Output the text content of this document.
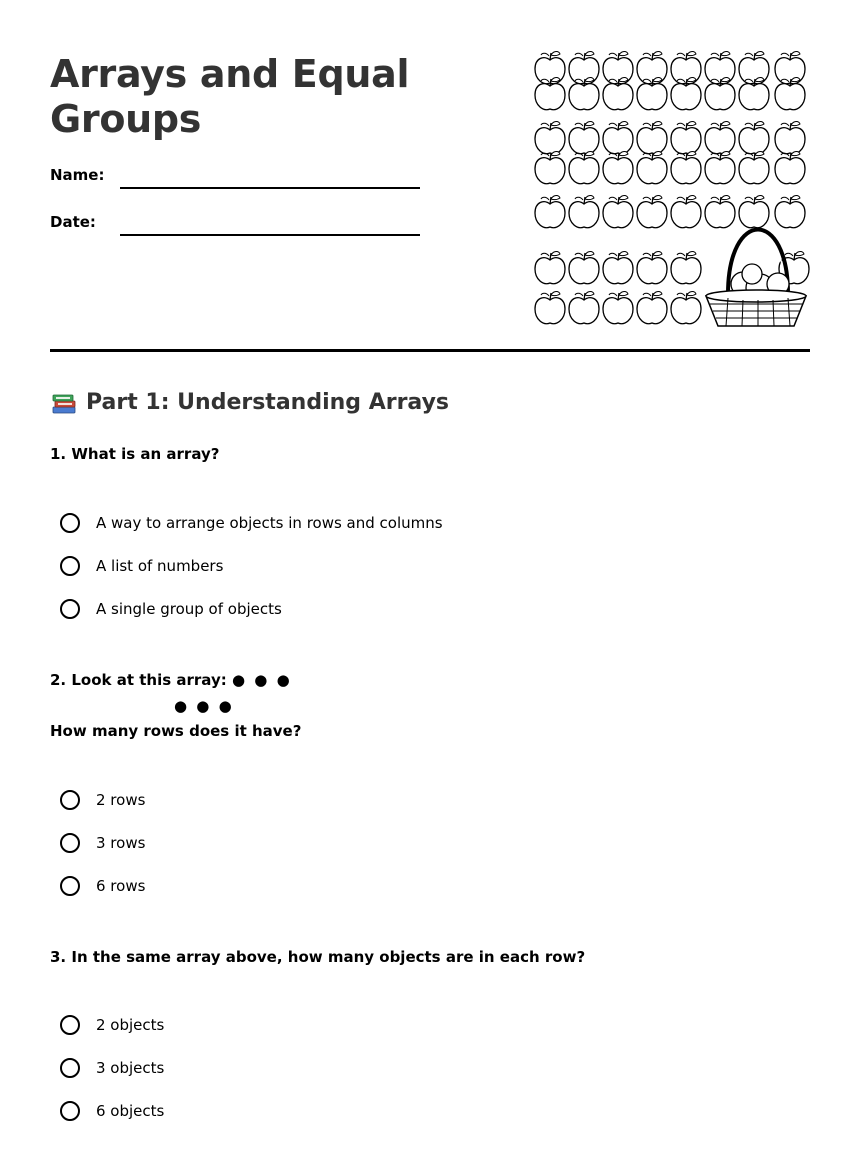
Arrays and Equal Groups
Name:
Date:
Part 1: Understanding Arrays
1. What is an array?
A way to arrange objects in rows and columns
A list of numbers
A single group of objects
2. Look at this array: ● ● ●
● ● ●
How many rows does it have?
2 rows
3 rows
6 rows
3. In the same array above, how many objects are in each row?
2 objects
3 objects
6 objects
